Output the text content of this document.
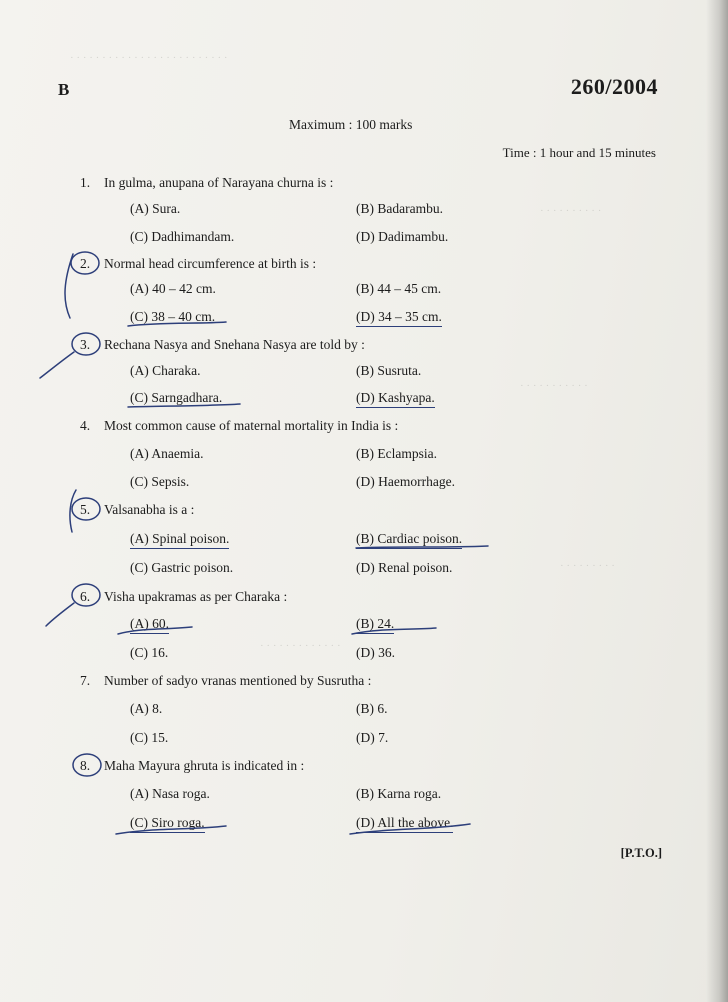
· · · · · · · · · · · · · · · · · · · · · · · · ·
· · · · · · · · · ·
· · · · · · · · · · ·
· · · · · · · · ·
· · · · · · · · · · · · ·
B	260/2004
Maximum : 100 marks
Time : 1 hour and 15 minutes
1. In gulma, anupana of Narayana churna is :
(A) Sura.	(B) Badarambu.
(C) Dadhimandam.	(D) Dadimambu.
2. Normal head circumference at birth is :
(A) 40 – 42 cm.	(B) 44 – 45 cm.
(C) 38 – 40 cm.	(D) 34 – 35 cm.
3. Rechana Nasya and Snehana Nasya are told by :
(A) Charaka.	(B) Susruta.
(C) Sarngadhara.	(D) Kashyapa.
4. Most common cause of maternal mortality in India is :
(A) Anaemia.	(B) Eclampsia.
(C) Sepsis.	(D) Haemorrhage.
5. Valsanabha is a :
(A) Spinal poison.	(B) Cardiac poison.
(C) Gastric poison.	(D) Renal poison.
6. Visha upakramas as per Charaka :
(A) 60.	(B) 24.
(C) 16.	(D) 36.
7. Number of sadyo vranas mentioned by Susrutha :
(A) 8.	(B) 6.
(C) 15.	(D) 7.
8. Maha Mayura ghruta is indicated in :
(A) Nasa roga.	(B) Karna roga.
(C) Siro roga.	(D) All the above.
[P.T.O.]
